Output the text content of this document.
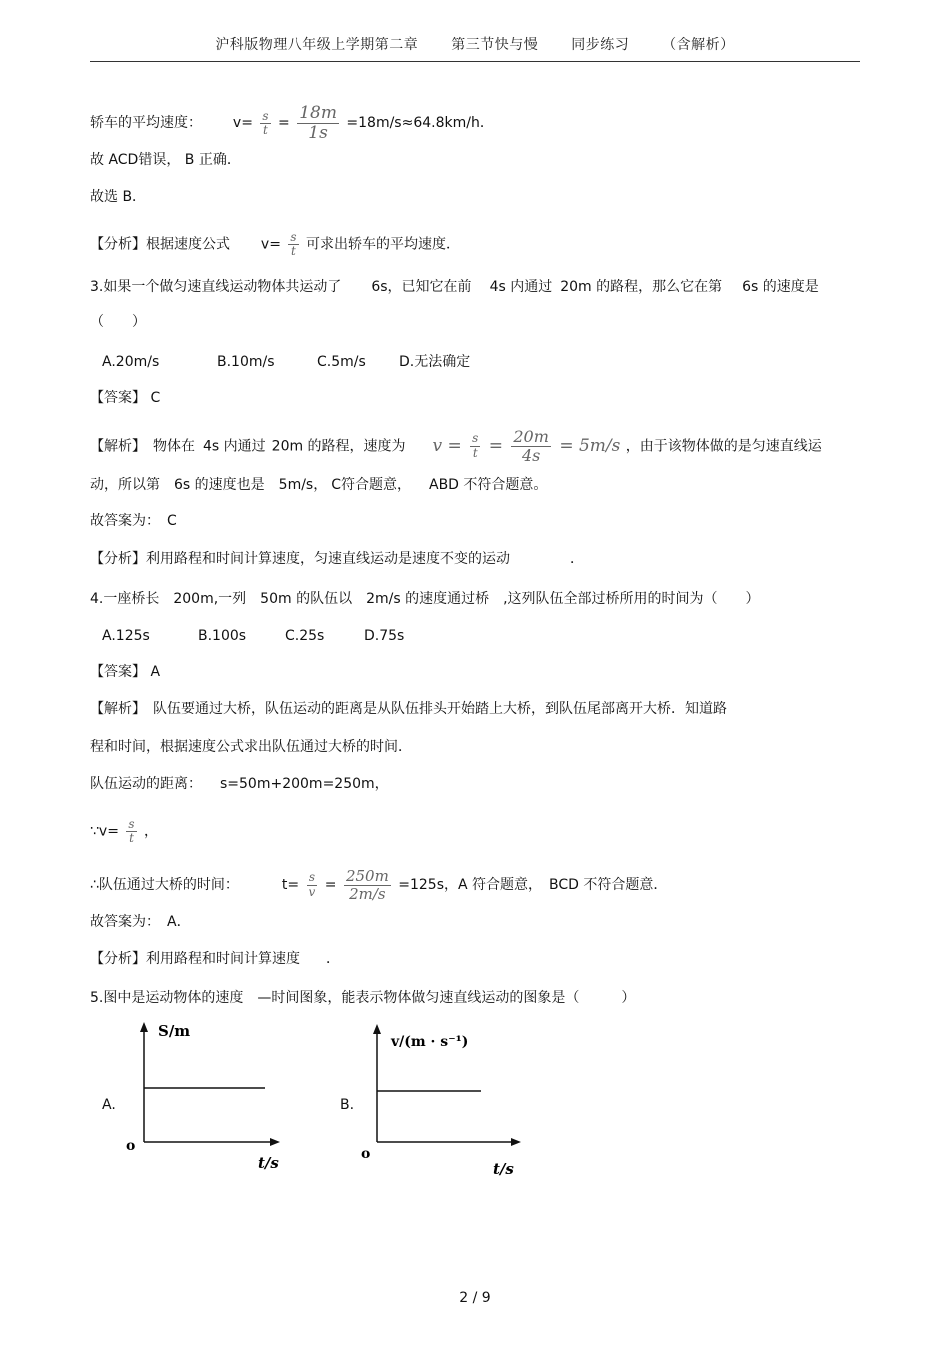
沪科版物理八年级上学期第二章 第三节快与慢 同步练习 （含解析）
轿车的平均速度： $v= \frac{s}{t} = \frac{18m}{1s} =18m/s\approx 64.8km/h$．
故 ACD错误， B 正确．
故选 B．
【分析】根据速度公式 $v= \frac{s}{t}$ 可求出轿车的平均速度．
3.如果一个做匀速直线运动物体共运动了 6s，已知它在前 4s 内通过 20m 的路程，那么它在第 6s 的速度是
（　　）
A.20m/s	B.10m/s	C.5m/s D.无法确定
【答案】 C
【解析】　物体在 4s 内通过 20m 的路程，速度为 $v = \frac{s}{t} = \frac{20m}{4s} = 5m/s$ ，由于该物体做的是匀速直线运
动，所以第 6s 的速度也是 5m/s， C符合题意， ABD 不符合题意。
故答案为：　C
【分析】利用路程和时间计算速度，匀速直线运动是速度不变的运动	．
4.一座桥长　200m,一列　50m 的队伍以　2m/s 的速度通过桥　,这列队伍全部过桥所用的时间为（　　）
A.125s	B.100s	C.25s	D.75s
【答案】 A
【解析】　队伍要通过大桥，队伍运动的距离是从队伍排头开始踏上大桥，到队伍尾部离开大桥．知道路
程和时间，根据速度公式求出队伍通过大桥的时间．
队伍运动的距离： s=50m+200m=250m，
∵v= $\frac{s}{t}$ ，
∴队伍通过大桥的时间：	$t= \frac{s}{v} = \frac{250m}{2m/s} =125s$，A 符合题意，　BCD 不符合题意．
故答案为：　A．
【分析】利用路程和时间计算速度 ．
5.图中是运动物体的速度　—时间图象，能表示物体做匀速直线运动的图象是（　　　）
A.	B.
S/m
o
t/s
v/(m · s⁻¹)
o
t/s
2 / 9
